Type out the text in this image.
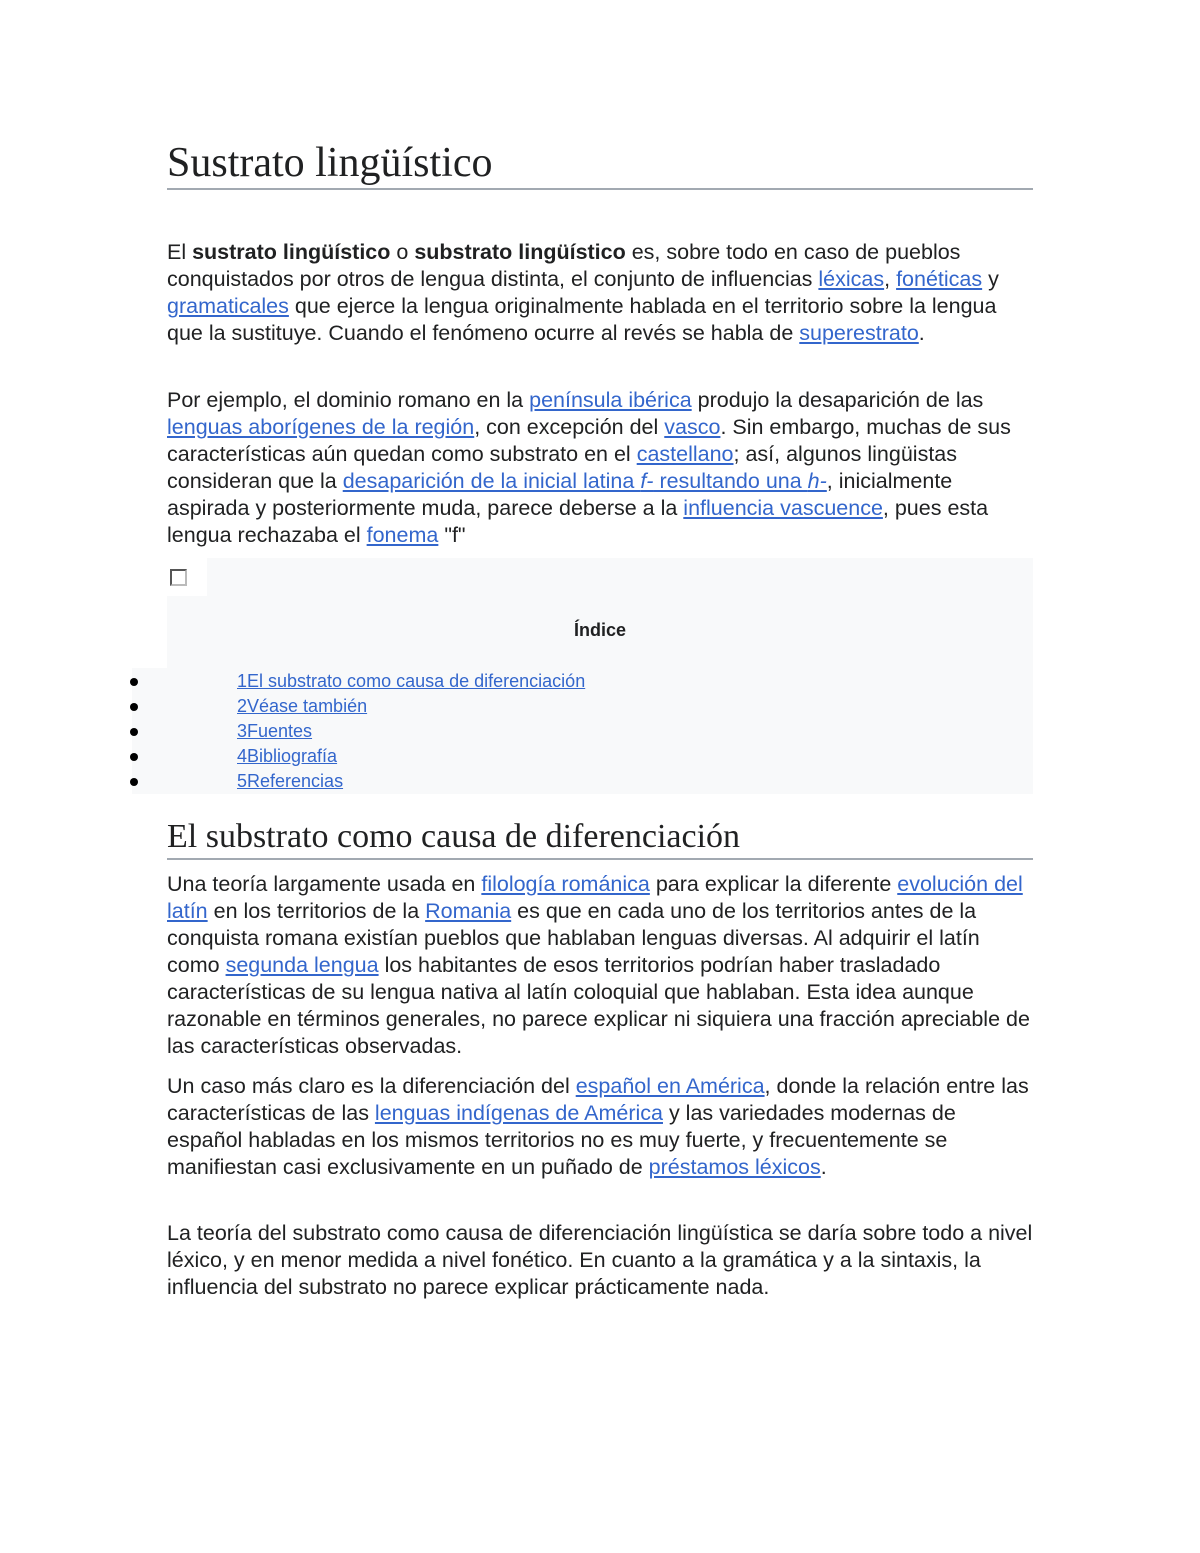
Sustrato lingüístico

El sustrato lingüístico o substrato lingüístico es, sobre todo en caso de pueblos conquistados por otros de lengua distinta, el conjunto de influencias léxicas, fonéticas y gramaticales que ejerce la lengua originalmente hablada en el territorio sobre la lengua que la sustituye. Cuando el fenómeno ocurre al revés se habla de superestrato.

Por ejemplo, el dominio romano en la península ibérica produjo la desaparición de las lenguas aborígenes de la región, con excepción del vasco. Sin embargo, muchas de sus características aún quedan como substrato en el castellano; así, algunos lingüistas consideran que la desaparición de la inicial latina f- resultando una h-, inicialmente aspirada y posteriormente muda, parece deberse a la influencia vascuence, pues esta lengua rechazaba el fonema "f"

Índice
1El substrato como causa de diferenciación
2Véase también
3Fuentes
4Bibliografía
5Referencias
El substrato como causa de diferenciación

Una teoría largamente usada en filología románica para explicar la diferente evolución del latín en los territorios de la Romania es que en cada uno de los territorios antes de la conquista romana existían pueblos que hablaban lenguas diversas. Al adquirir el latín como segunda lengua los habitantes de esos territorios podrían haber trasladado características de su lengua nativa al latín coloquial que hablaban. Esta idea aunque razonable en términos generales, no parece explicar ni siquiera una fracción apreciable de las características observadas.

Un caso más claro es la diferenciación del español en América, donde la relación entre las características de las lenguas indígenas de América y las variedades modernas de español habladas en los mismos territorios no es muy fuerte, y frecuentemente se manifiestan casi exclusivamente en un puñado de préstamos léxicos.

La teoría del substrato como causa de diferenciación lingüística se daría sobre todo a nivel léxico, y en menor medida a nivel fonético. En cuanto a la gramática y a la sintaxis, la influencia del substrato no parece explicar prácticamente nada.
